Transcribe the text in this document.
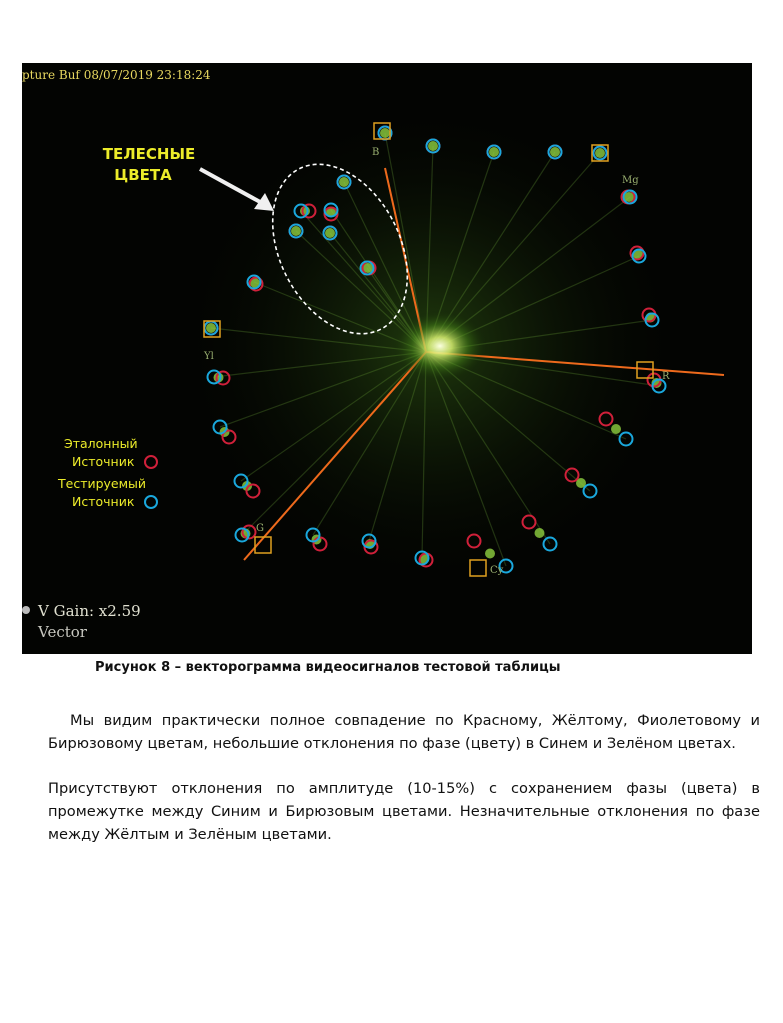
pture Buf 08/07/2019 23:18:24
ТЕЛЕСНЫЕ
ЦВЕТА
Эталонный
Источник
Тестируемый
Источник
V Gain: x2.59
Vector
R
Mg
B
Cy
G
Yl
Рисунок 8 – векторограмма видеосигналов тестовой таблицы

Мы видим практически полное совпадение по Красному, Жёлтому, Фиолетовому и Бирюзовому цветам, небольшие отклонения по фазе (цвету) в Синем и Зелёном цветах.

Присутствуют отклонения по амплитуде (10-15%) с сохранением фазы (цвета) в промежутке между Синим и Бирюзовым цветами. Незначительные отклонения по фазе между Жёлтым и Зелёным цветами.
